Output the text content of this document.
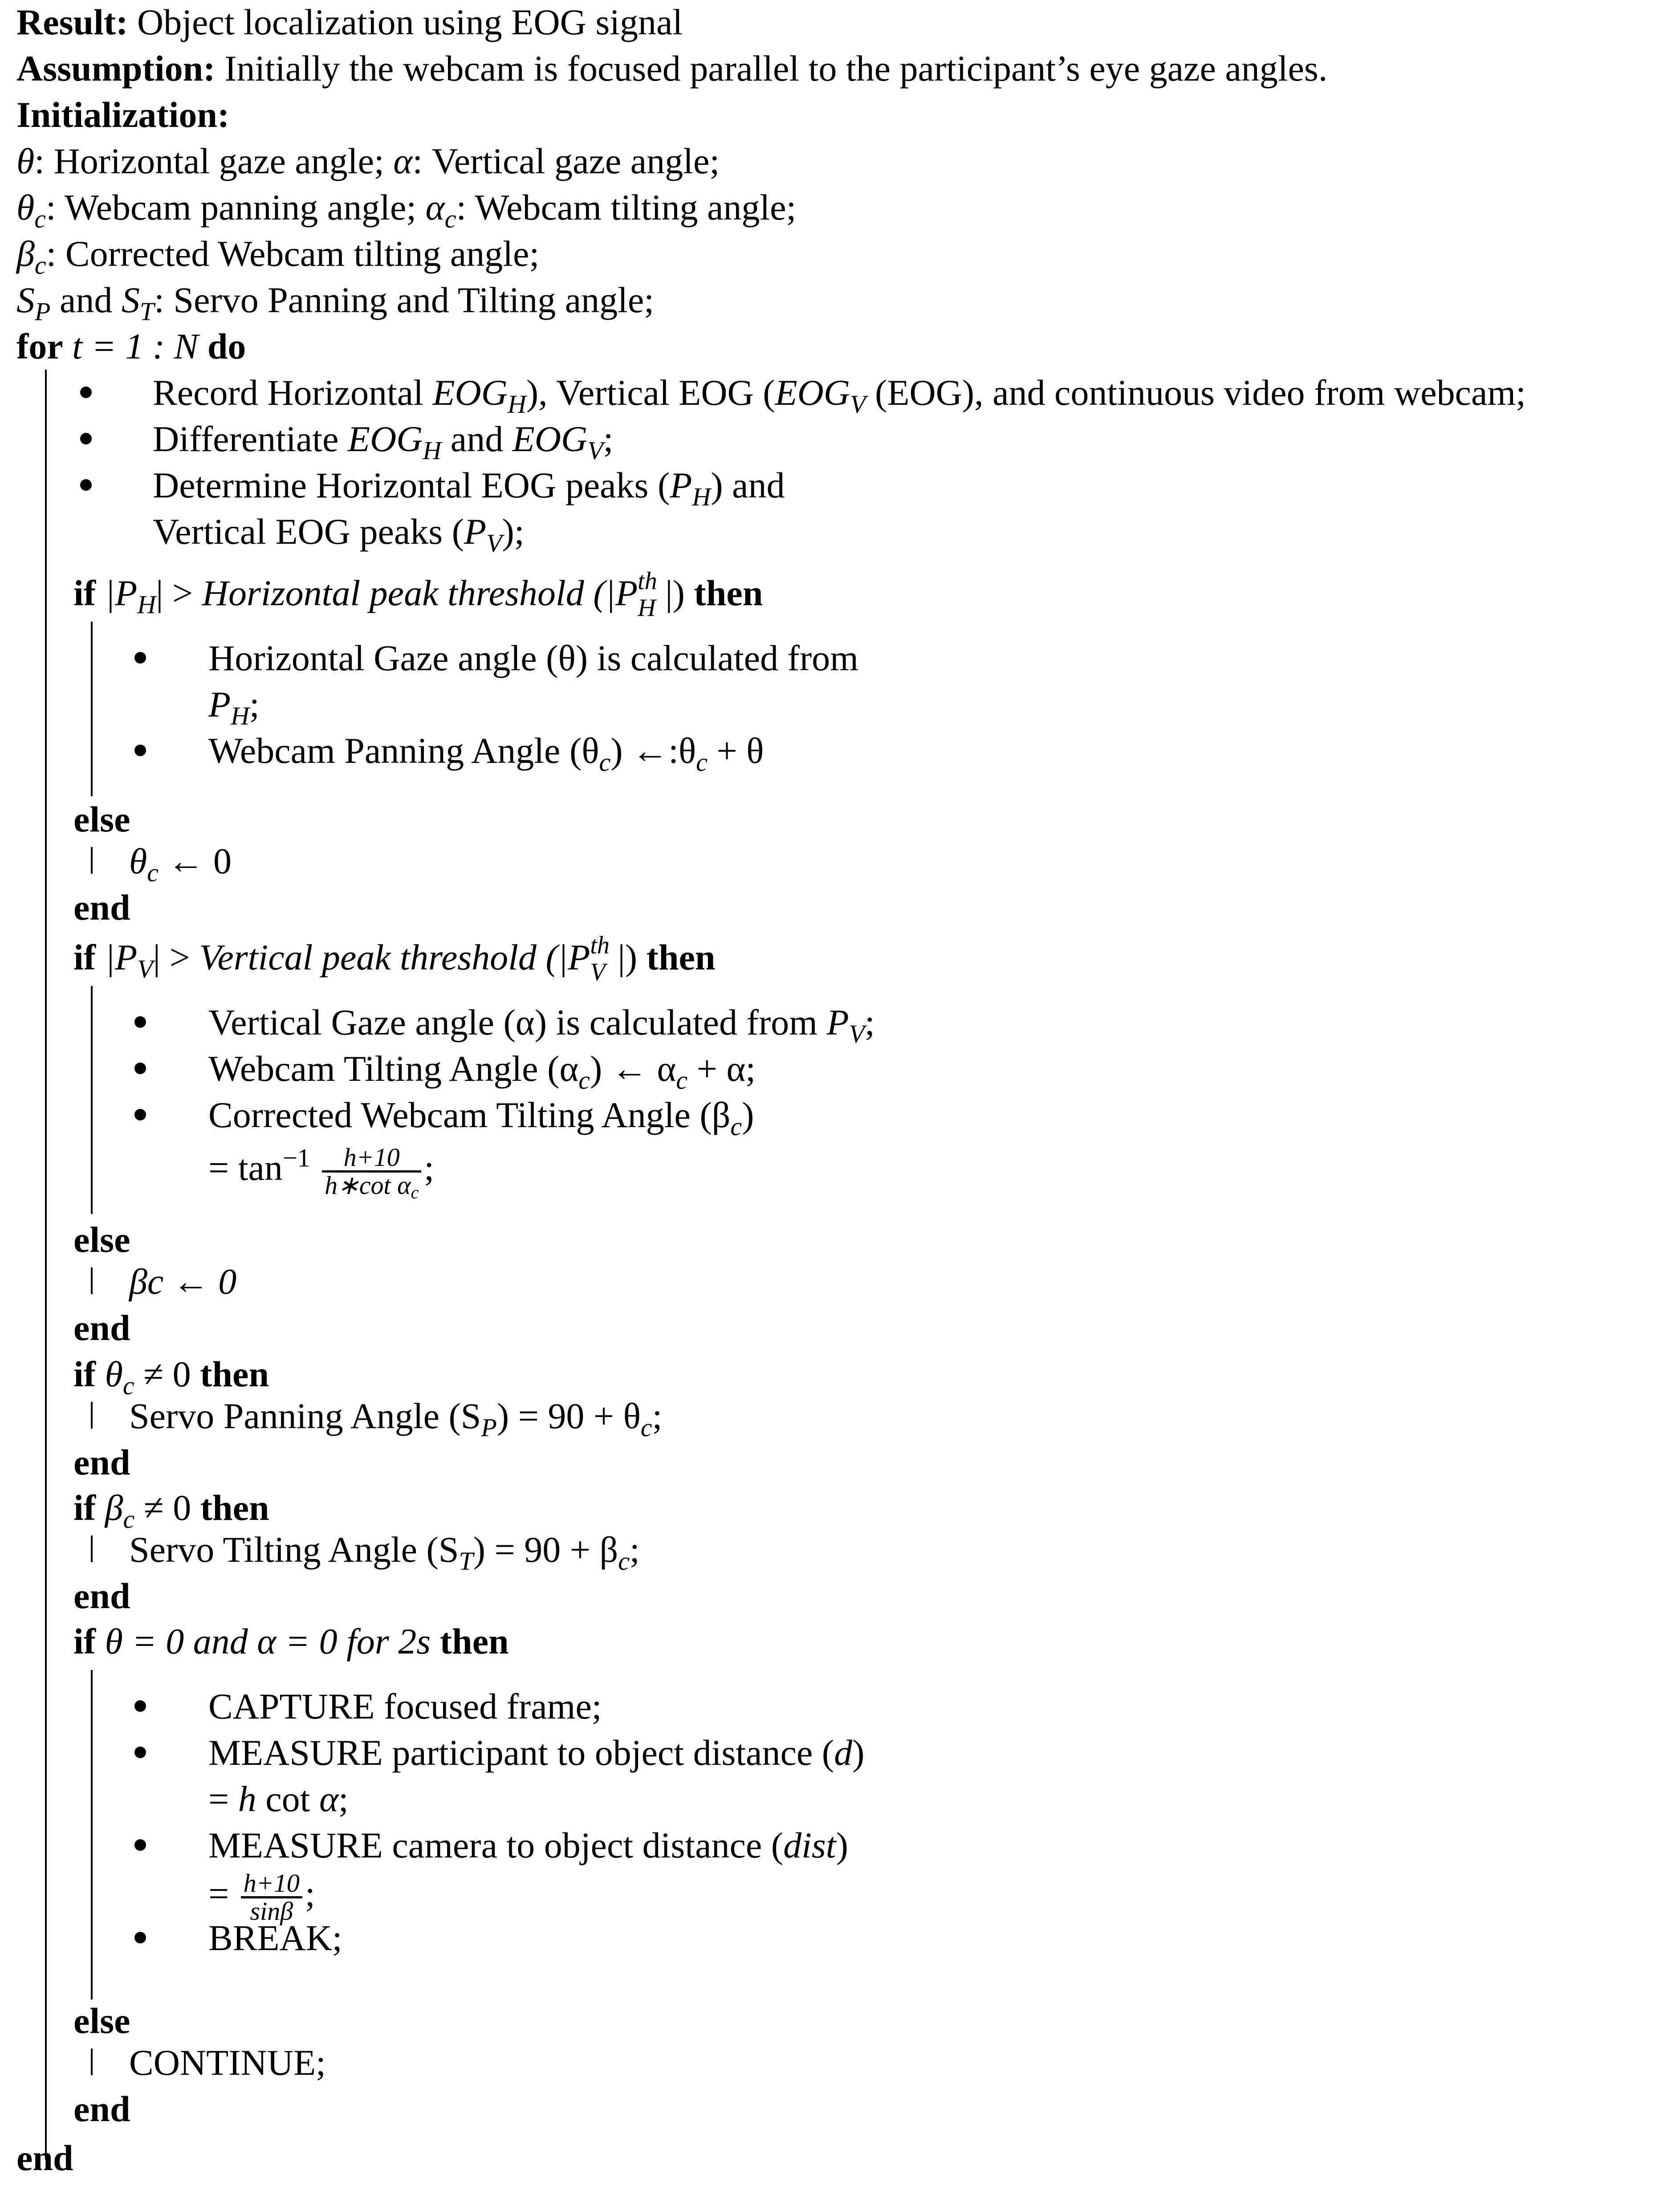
Result: Object localization using EOG signal
Assumption: Initially the webcam is focused parallel to the participant’s eye gaze angles.
Initialization:
θ: Horizontal gaze angle; α: Vertical gaze angle;
$\theta_c$: Webcam panning angle; $\alpha_c$: Webcam tilting angle;
$\beta_c$: Corrected Webcam tilting angle;
$S_P$ and $S_T$: Servo Panning and Tilting angle;
for t = 1 : N do
Record Horizontal $EOG_H$), Vertical EOG ($EOG_V$ (EOG), and continuous video from webcam;
Differentiate $EOG_H$ and $EOG_V$;
Determine Horizontal EOG peaks $(P_H)$ and
Vertical EOG peaks $(P_V)$;
if $|P_H|$ > Horizontal peak threshold (|P th
H |) then
Horizontal Gaze angle (θ) is calculated from
$P_H$;
Webcam Panning Angle $(\theta_c)$ $\leftarrow:\theta_c + \theta$
else
$\theta_c$ ← 0
end
if $|P_V|$ > Vertical peak threshold (|P th
V |) then
Vertical Gaze angle (α) is calculated from $P_V$;
Webcam Tilting Angle $(\alpha_c)$ ← $\alpha_c + \alpha$;
Corrected Webcam Tilting Angle $(\beta_c)$
= $\tan^{-1} \frac{h+10}{h∗\cot \alpha_c}$ ;
else
βc ← 0
end
if $\theta_c \ne 0$ then
Servo Panning Angle $(S_P) = 90 + \theta_c$;
end
if $\beta_c \ne 0$ then
Servo Tilting Angle $(S_T) = 90 + \beta_c$;
end
if θ = 0 and α = 0 for 2s then
CAPTURE focused frame;
MEASURE participant to object distance (d)
= h cot α;
MEASURE camera to object distance (dist)
= $\frac{h+10}{\sin\beta}$ ;
BREAK;
else
CONTINUE;
end
end
